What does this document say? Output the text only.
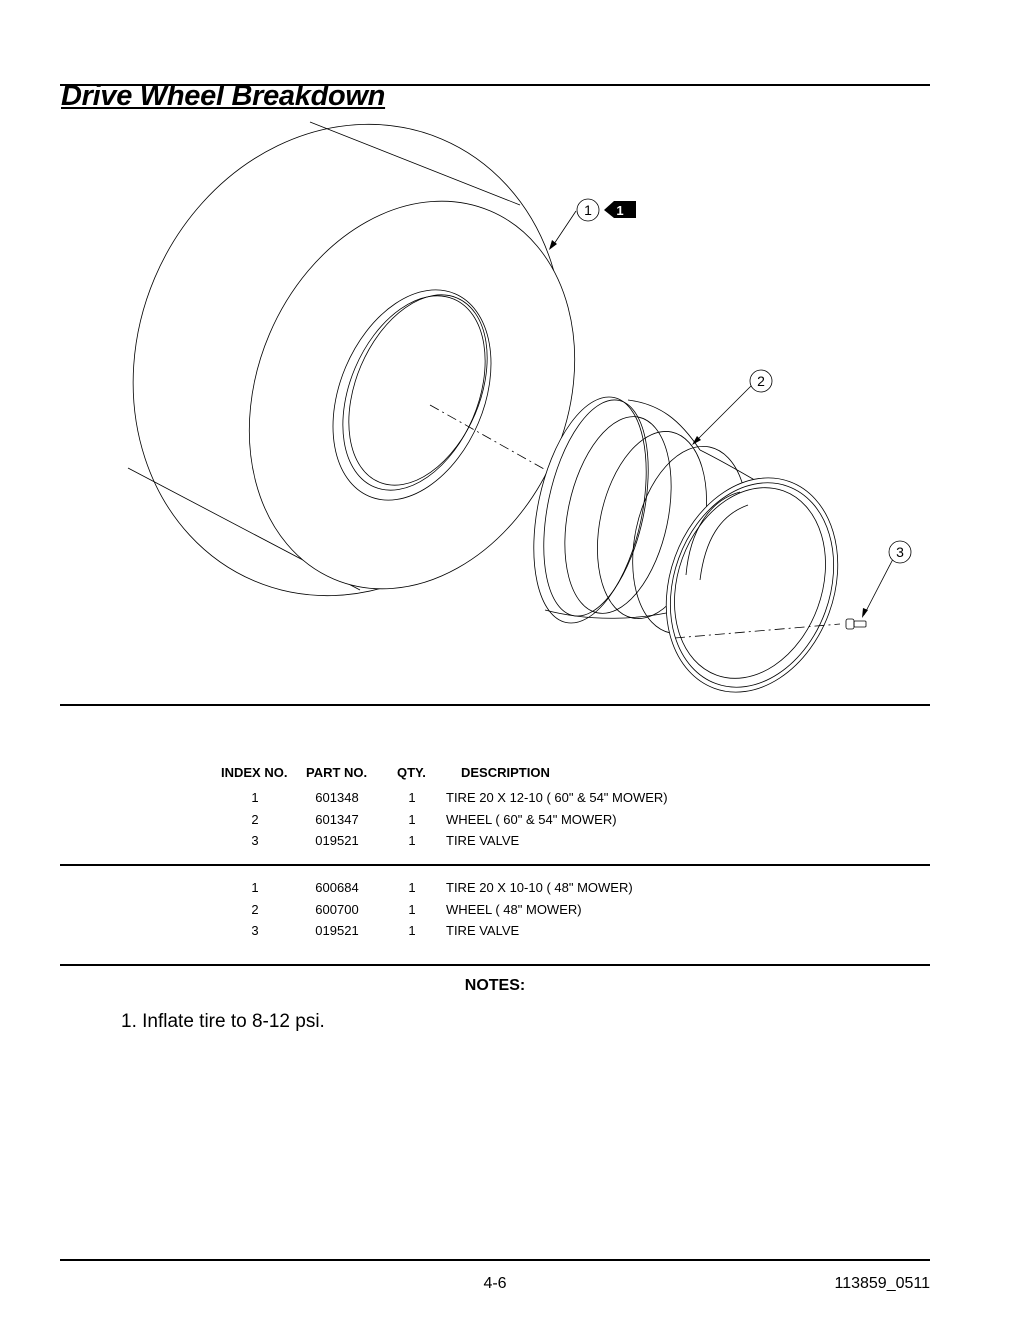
Drive Wheel Breakdown
1 1
2
3
INDEX NO. PART NO. QTY.	DESCRIPTION
1	601348	1	TIRE 20 X 12-10 ( 60" & 54" MOWER)
2	601347	1	WHEEL ( 60" & 54" MOWER)
3	019521	1	TIRE VALVE
1	600684	1	TIRE 20 X 10-10 ( 48" MOWER)
2	600700	1	WHEEL ( 48" MOWER)
3	019521	1	TIRE VALVE
NOTES:
1. Inflate tire to 8-12 psi.
4-6	113859_0511
